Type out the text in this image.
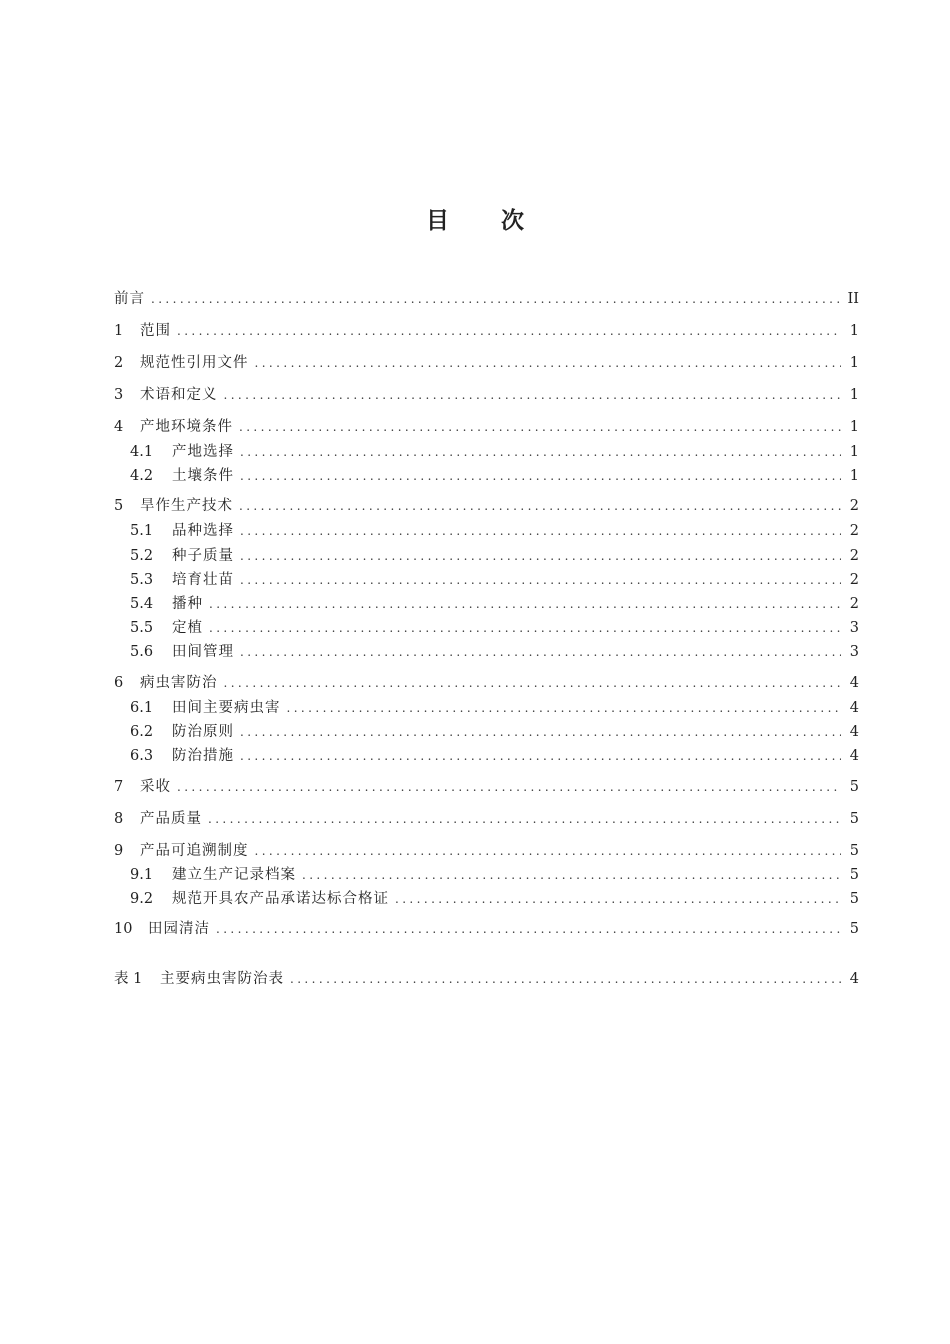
目 次
前言 .....	II
1	范围 .....	1
2	规范性引用文件 .....	1
3	术语和定义 .....	1
4	产地环境条件 .....	1
4.1	产地选择 .....	1
4.2	土壤条件 .....	1
5	旱作生产技术 .....	2
5.1	品种选择 .....	2
5.2	种子质量 .....	2
5.3	培育壮苗 .....	2
5.4	播种 .....	2
5.5	定植 .....	3
5.6	田间管理 .....	3
6	病虫害防治 .....	4
6.1	田间主要病虫害 .....	4
6.2	防治原则 .....	4
6.3	防治措施 .....	4
7	采收 .....	5
8	产品质量 .....	5
9	产品可追溯制度 .....	5
9.1	建立生产记录档案 .....	5
9.2	规范开具农产品承诺达标合格证 .....	5
10	田园清洁 .....	5
表 1	主要病虫害防治表 .....	4
